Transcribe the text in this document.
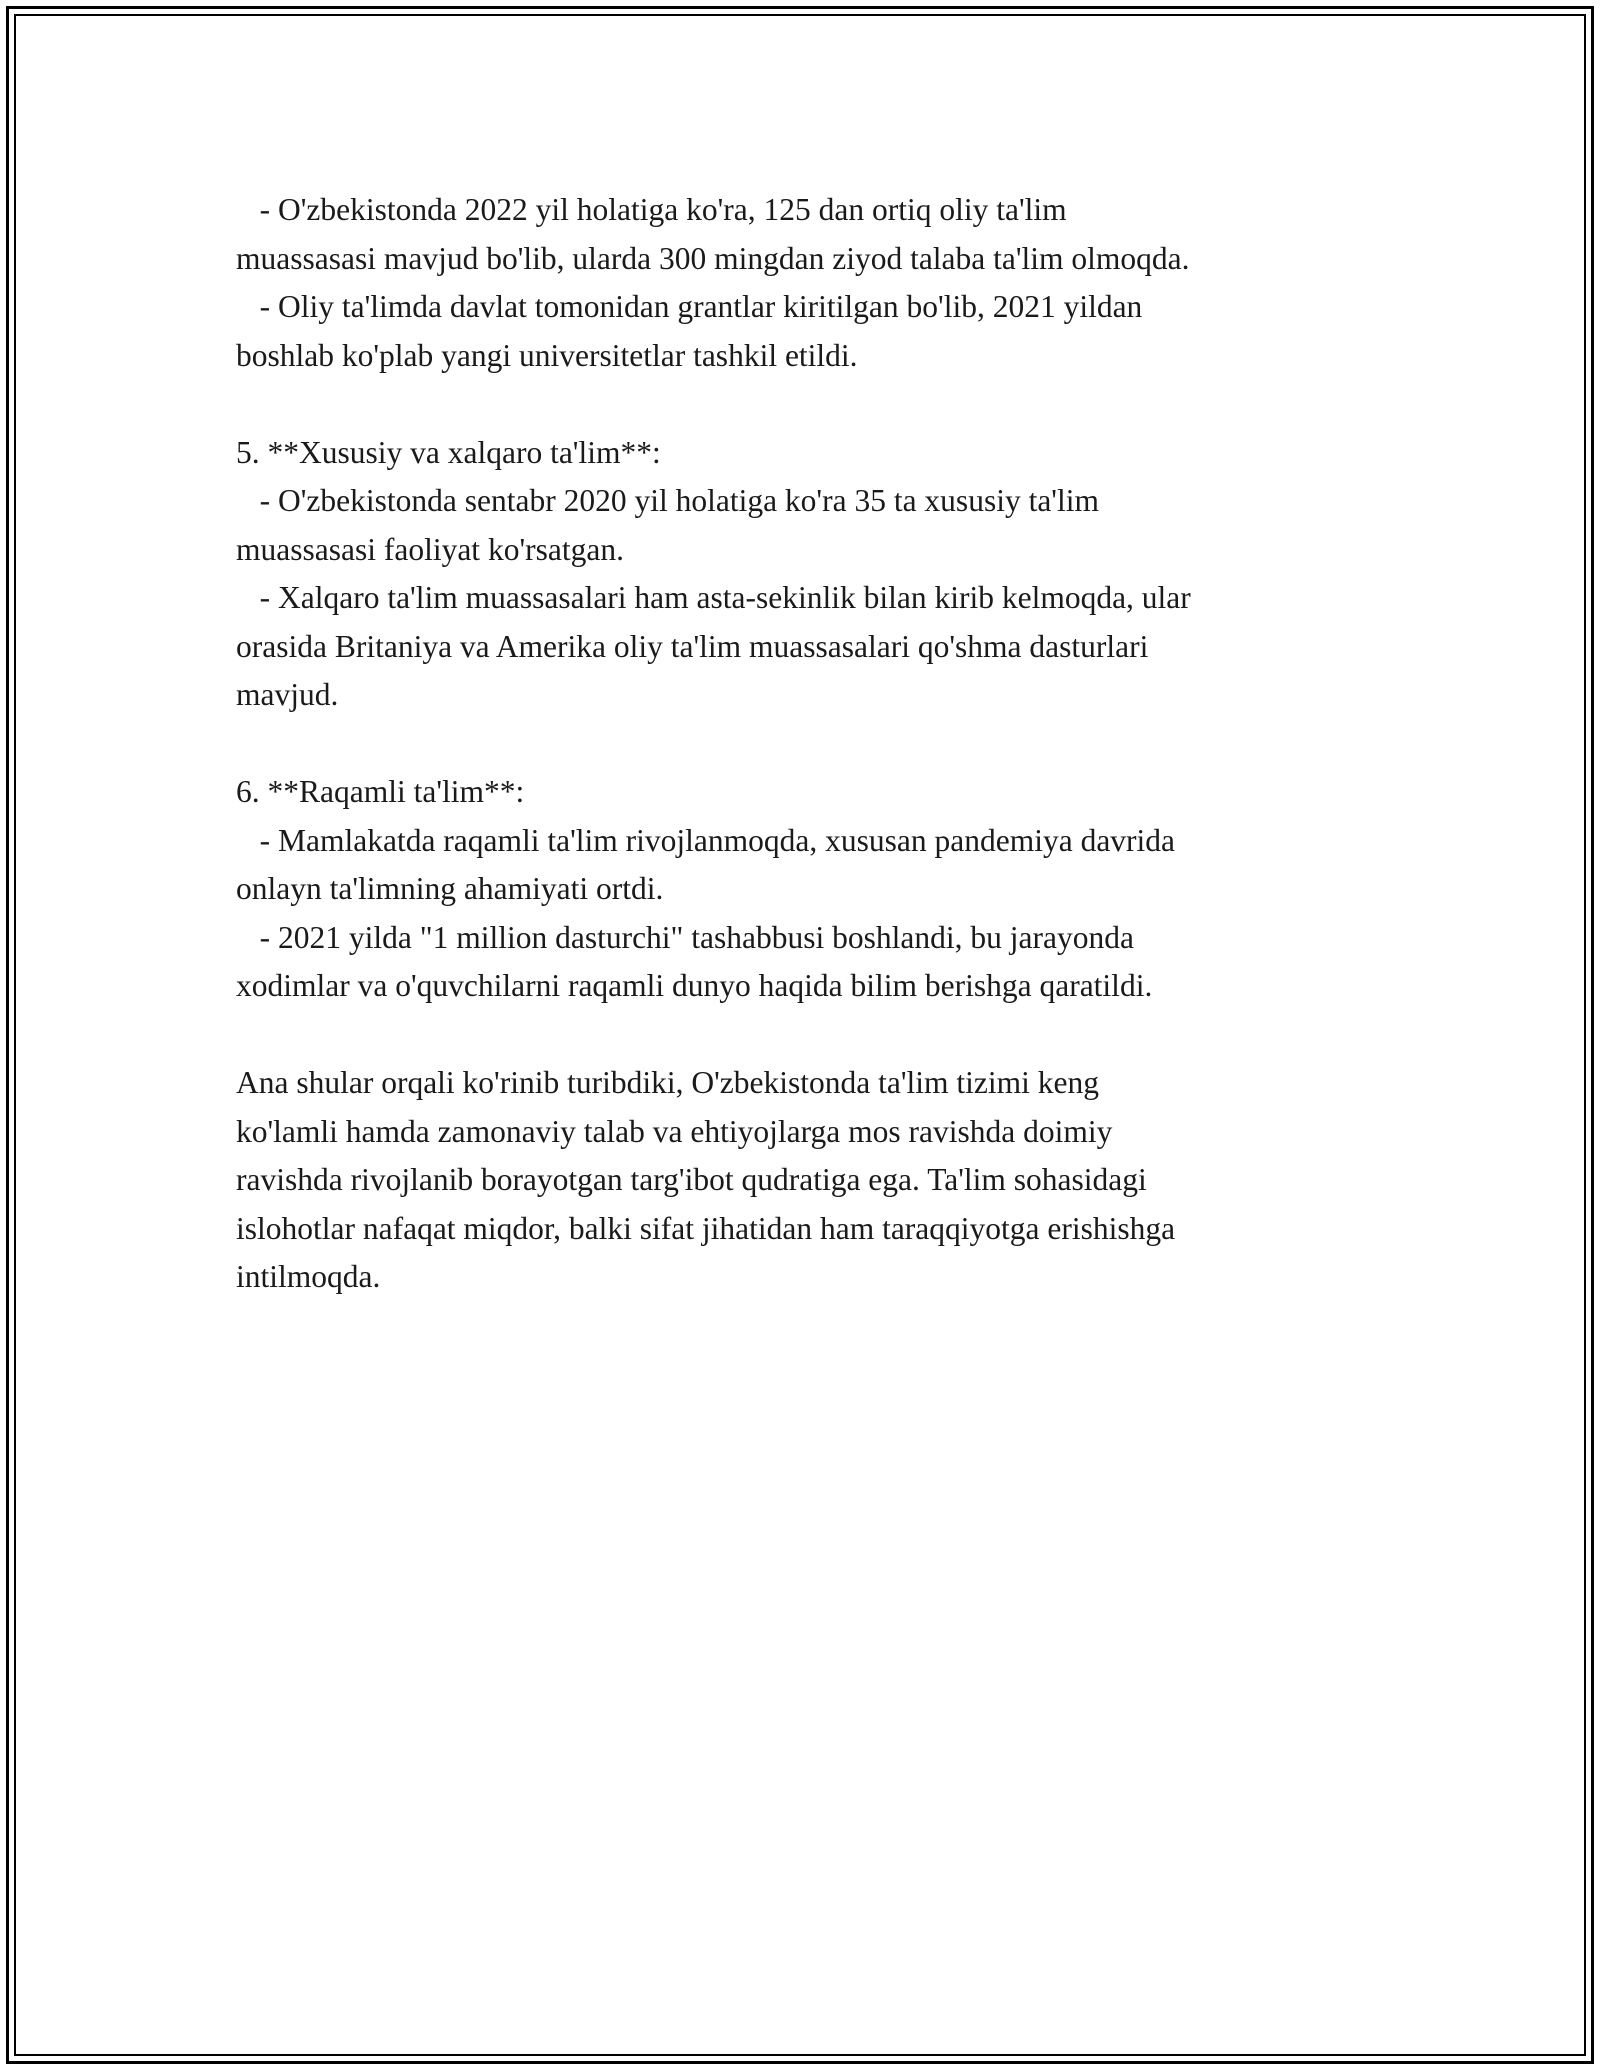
- O'zbekistonda 2022 yil holatiga ko'ra, 125 dan ortiq oliy ta'lim
muassasasi mavjud bo'lib, ularda 300 mingdan ziyod talaba ta'lim olmoqda.
- Oliy ta'limda davlat tomonidan grantlar kiritilgan bo'lib, 2021 yildan
boshlab ko'plab yangi universitetlar tashkil etildi.
5. **Xususiy va xalqaro ta'lim**:
- O'zbekistonda sentabr 2020 yil holatiga ko'ra 35 ta xususiy ta'lim
muassasasi faoliyat ko'rsatgan.
- Xalqaro ta'lim muassasalari ham asta-sekinlik bilan kirib kelmoqda, ular
orasida Britaniya va Amerika oliy ta'lim muassasalari qo'shma dasturlari
mavjud.
6. **Raqamli ta'lim**:
- Mamlakatda raqamli ta'lim rivojlanmoqda, xususan pandemiya davrida
onlayn ta'limning ahamiyati ortdi.
- 2021 yilda "1 million dasturchi" tashabbusi boshlandi, bu jarayonda
xodimlar va o'quvchilarni raqamli dunyo haqida bilim berishga qaratildi.
Ana shular orqali ko'rinib turibdiki, O'zbekistonda ta'lim tizimi keng
ko'lamli hamda zamonaviy talab va ehtiyojlarga mos ravishda doimiy
ravishda rivojlanib borayotgan targ'ibot qudratiga ega. Ta'lim sohasidagi
islohotlar nafaqat miqdor, balki sifat jihatidan ham taraqqiyotga erishishga
intilmoqda.
